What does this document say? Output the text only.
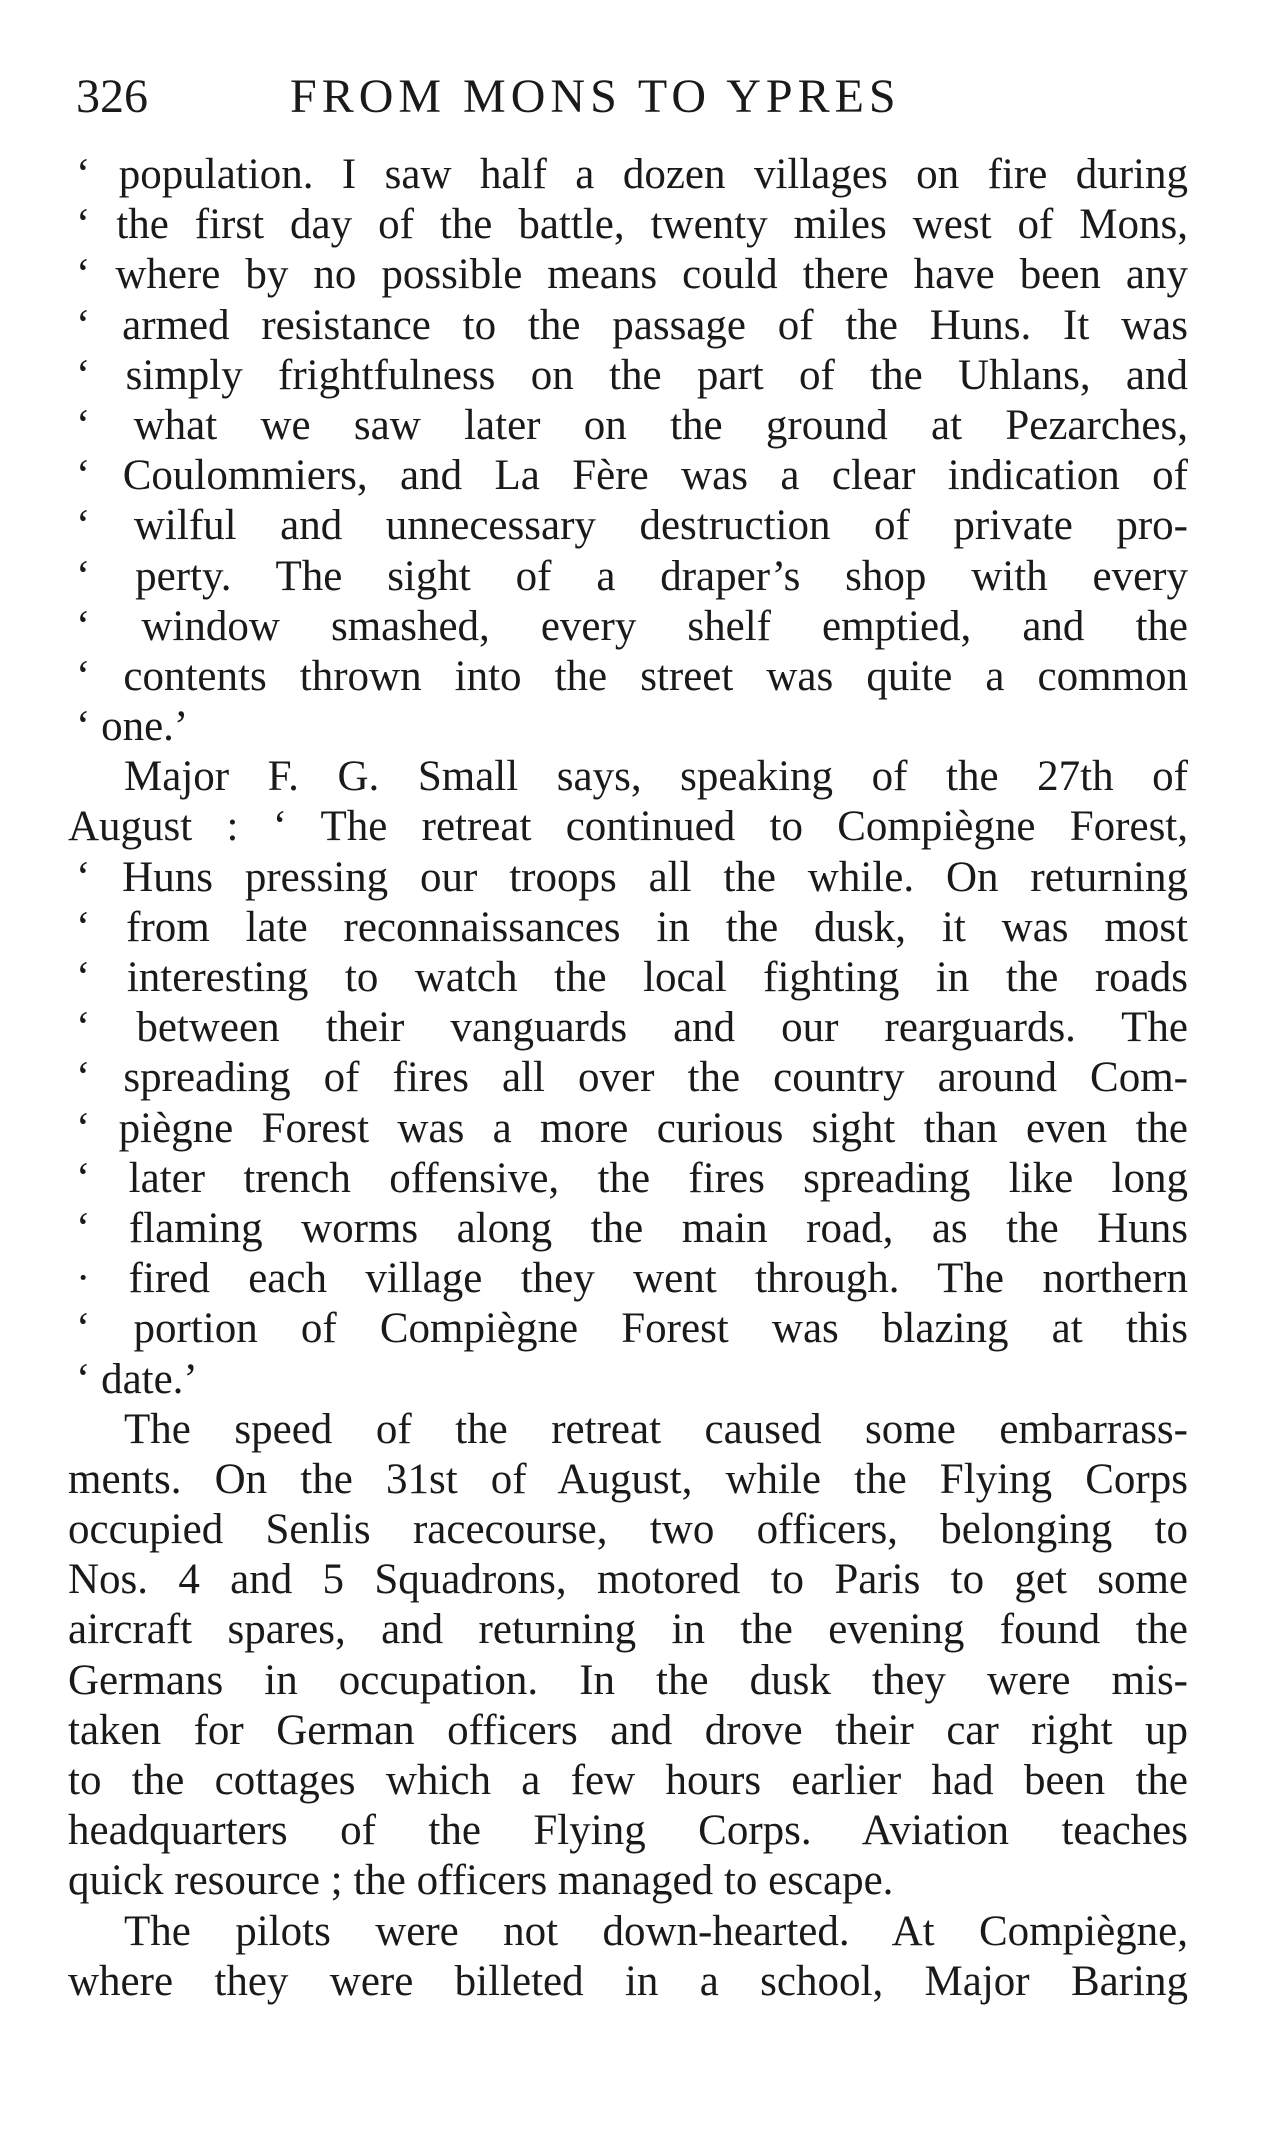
326	FROM MONS TO YPRES
‘ population. I saw half a dozen villages on fire during
‘ the first day of the battle, twenty miles west of Mons,
‘ where by no possible means could there have been any
‘ armed resistance to the passage of the Huns. It was
‘ simply frightfulness on the part of the Uhlans, and
‘ what we saw later on the ground at Pezarches,
‘ Coulommiers, and La Fère was a clear indication of
‘ wilful and unnecessary destruction of private pro-
‘ perty. The sight of a draper’s shop with every
‘ window smashed, every shelf emptied, and the
‘ contents thrown into the street was quite a common
‘ one.’
Major F. G. Small says, speaking of the 27th of
August : ‘ The retreat continued to Compiègne Forest,
‘ Huns pressing our troops all the while. On returning
‘ from late reconnaissances in the dusk, it was most
‘ interesting to watch the local fighting in the roads
‘ between their vanguards and our rearguards. The
‘ spreading of fires all over the country around Com-
‘ piègne Forest was a more curious sight than even the
‘ later trench offensive, the fires spreading like long
‘ flaming worms along the main road, as the Huns
· fired each village they went through. The northern
‘ portion of Compiègne Forest was blazing at this
‘ date.’
The speed of the retreat caused some embarrass-
ments. On the 31st of August, while the Flying Corps
occupied Senlis racecourse, two officers, belonging to
Nos. 4 and 5 Squadrons, motored to Paris to get some
aircraft spares, and returning in the evening found the
Germans in occupation. In the dusk they were mis-
taken for German officers and drove their car right up
to the cottages which a few hours earlier had been the
headquarters of the Flying Corps. Aviation teaches
quick resource ; the officers managed to escape.
The pilots were not down-hearted. At Compiègne,
where they were billeted in a school, Major Baring
